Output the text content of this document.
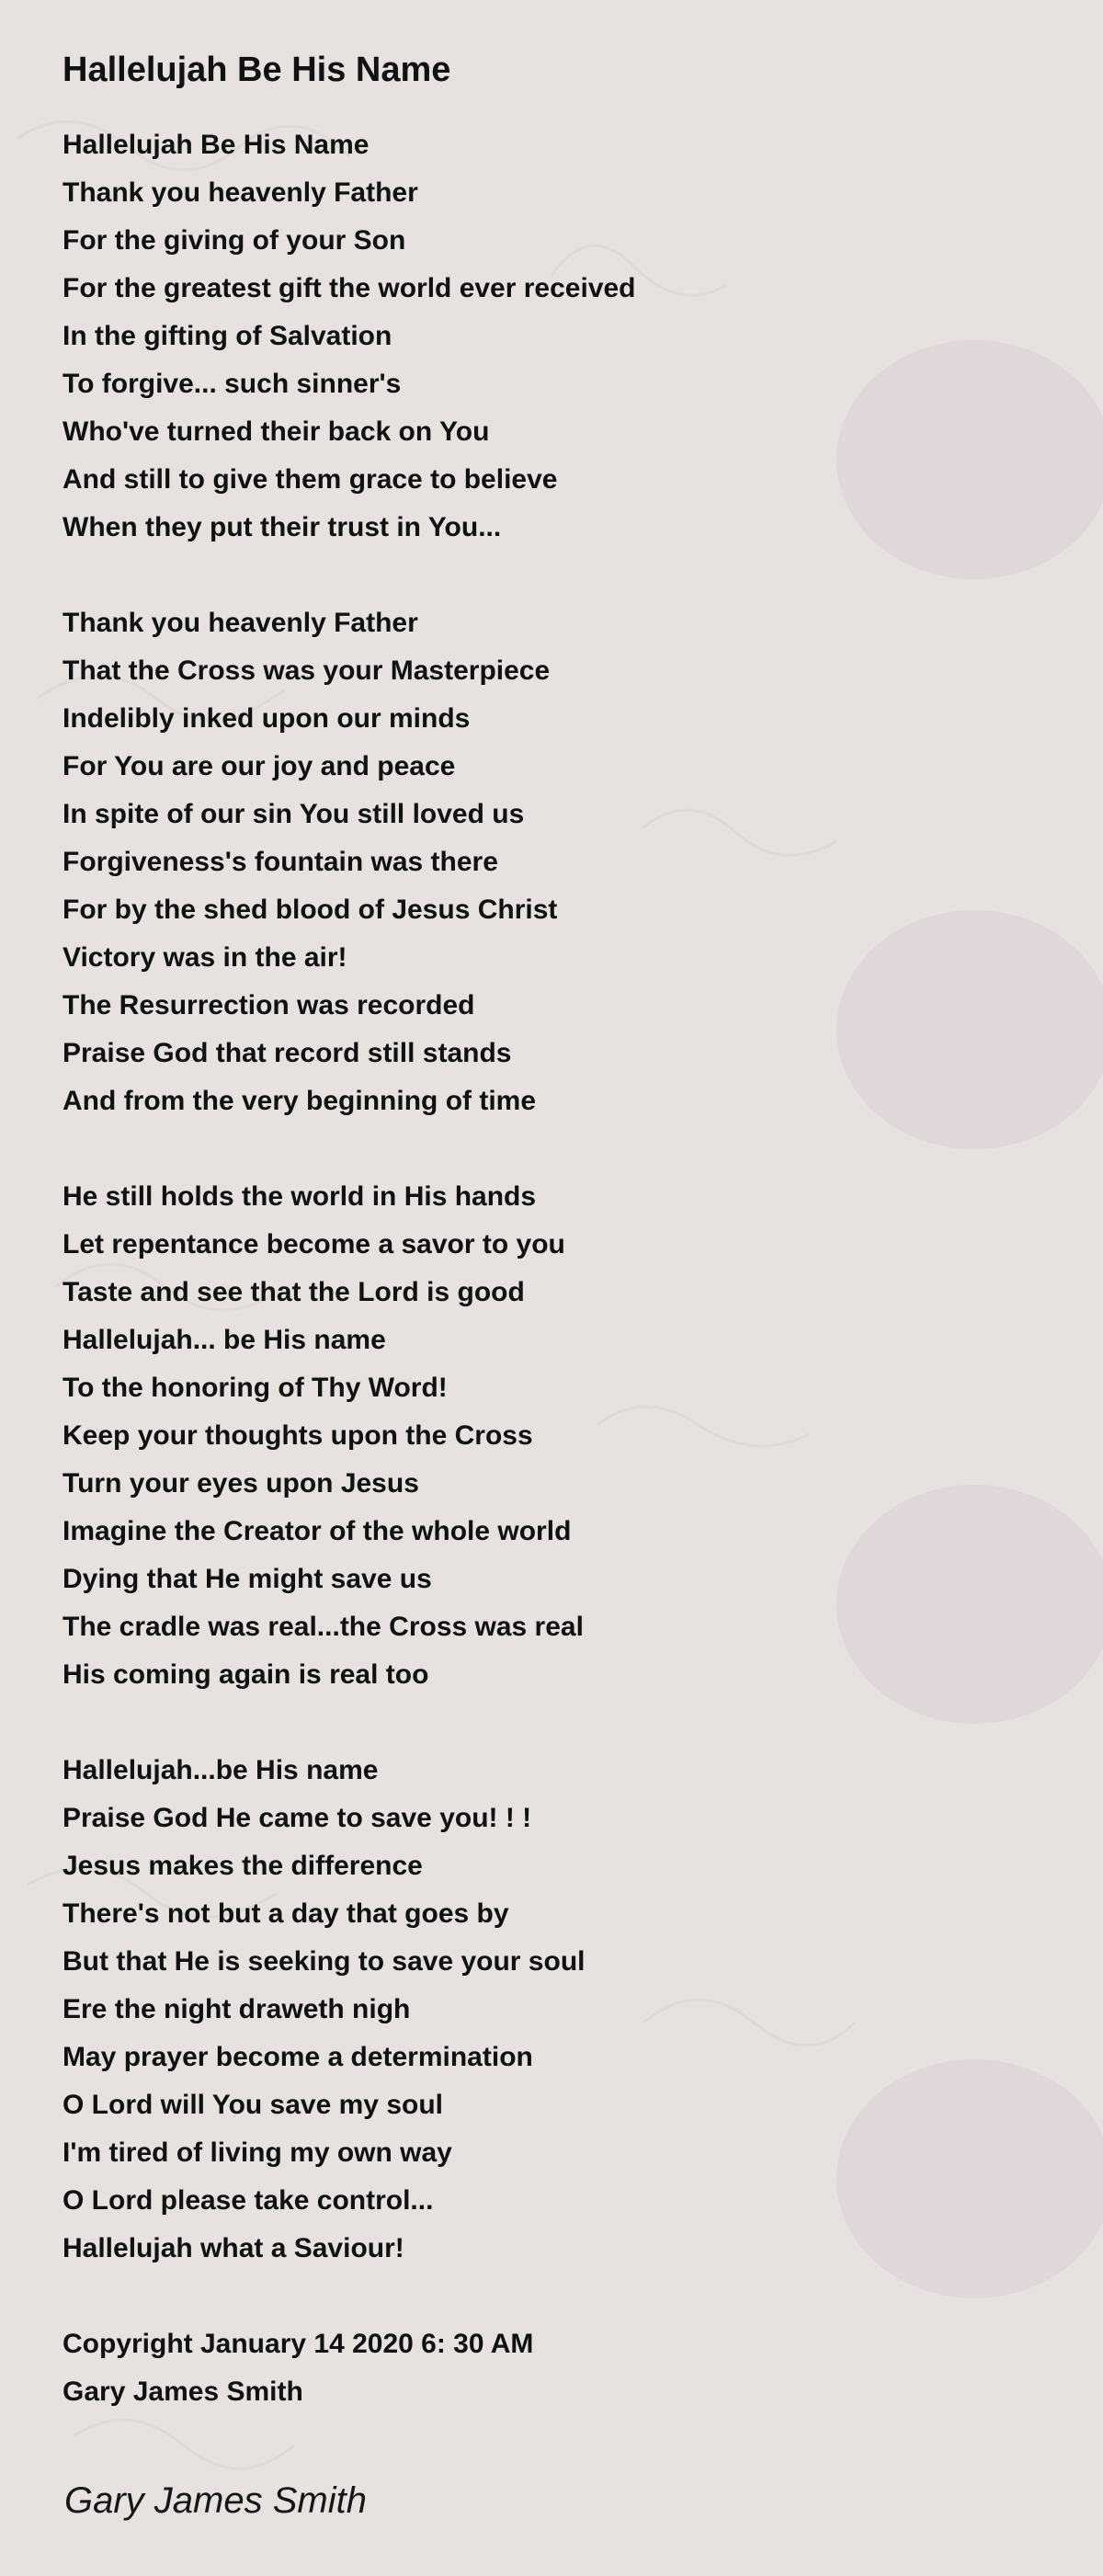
Hallelujah Be His Name
Hallelujah Be His Name
Thank you heavenly Father
For the giving of your Son
For the greatest gift the world ever received
In the gifting of Salvation
To forgive... such sinner's
Who've turned their back on You
And still to give them grace to believe
When they put their trust in You...
Thank you heavenly Father
That the Cross was your Masterpiece
Indelibly inked upon our minds
For You are our joy and peace
In spite of our sin You still loved us
Forgiveness's fountain was there
For by the shed blood of Jesus Christ
Victory was in the air!
The Resurrection was recorded
Praise God that record still stands
And from the very beginning of time
He still holds the world in His hands
Let repentance become a savor to you
Taste and see that the Lord is good
Hallelujah... be His name
To the honoring of Thy Word!
Keep your thoughts upon the Cross
Turn your eyes upon Jesus
Imagine the Creator of the whole world
Dying that He might save us
The cradle was real...the Cross was real
His coming again is real too
Hallelujah...be His name
Praise God He came to save you! ! !
Jesus makes the difference
There's not but a day that goes by
But that He is seeking to save your soul
Ere the night draweth nigh
May prayer become a determination
O Lord will You save my soul
I'm tired of living my own way
O Lord please take control...
Hallelujah what a Saviour!
Copyright January 14 2020 6: 30 AM
Gary James Smith
Gary James Smith
